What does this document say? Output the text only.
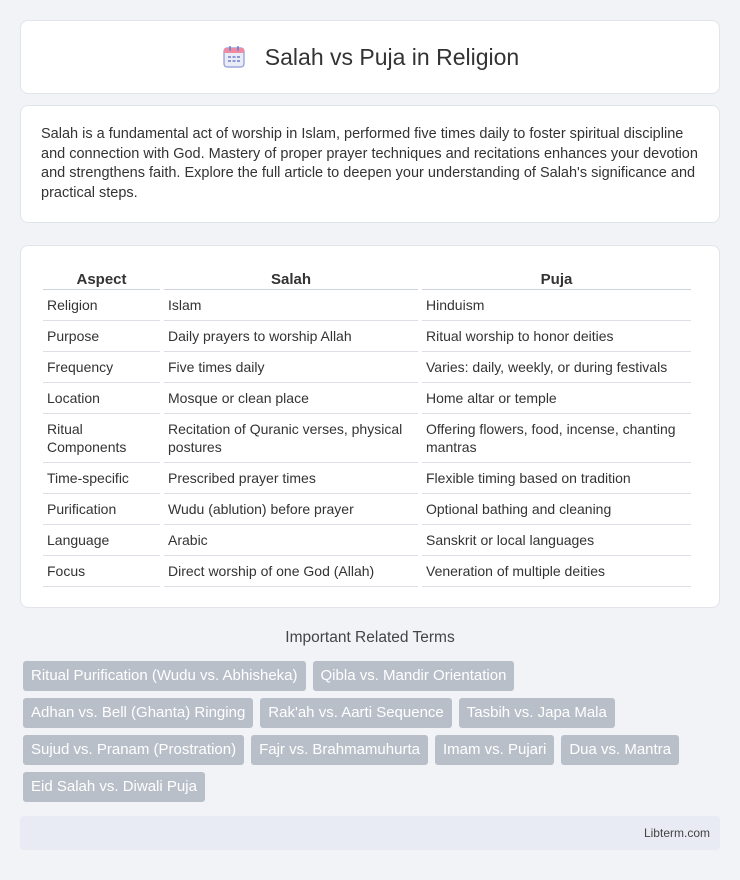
Salah vs Puja in Religion

Salah is a fundamental act of worship in Islam, performed five times daily to foster spiritual discipline and connection with God. Mastery of proper prayer techniques and recitations enhances your devotion and strengthens faith. Explore the full article to deepen your understanding of Salah's significance and practical steps.

Aspect	Salah	Puja
Religion	Islam	Hinduism
Purpose	Daily prayers to worship Allah	Ritual worship to honor deities
Frequency	Five times daily	Varies: daily, weekly, or during festivals
Location	Mosque or clean place	Home altar or temple
Ritual Components	Recitation of Quranic verses, physical postures	Offering flowers, food, incense, chanting mantras
Time-specific	Prescribed prayer times	Flexible timing based on tradition
Purification	Wudu (ablution) before prayer	Optional bathing and cleaning
Language	Arabic	Sanskrit or local languages
Focus	Direct worship of one God (Allah)	Veneration of multiple deities
Important Related Terms
Ritual Purification (Wudu vs. Abhisheka)	Qibla vs. Mandir Orientation
Adhan vs. Bell (Ghanta) Ringing	Rak'ah vs. Aarti Sequence	Tasbih vs. Japa Mala
Sujud vs. Pranam (Prostration)	Fajr vs. Brahmamuhurta	Imam vs. Pujari	Dua vs. Mantra
Eid Salah vs. Diwali Puja
Libterm.com
